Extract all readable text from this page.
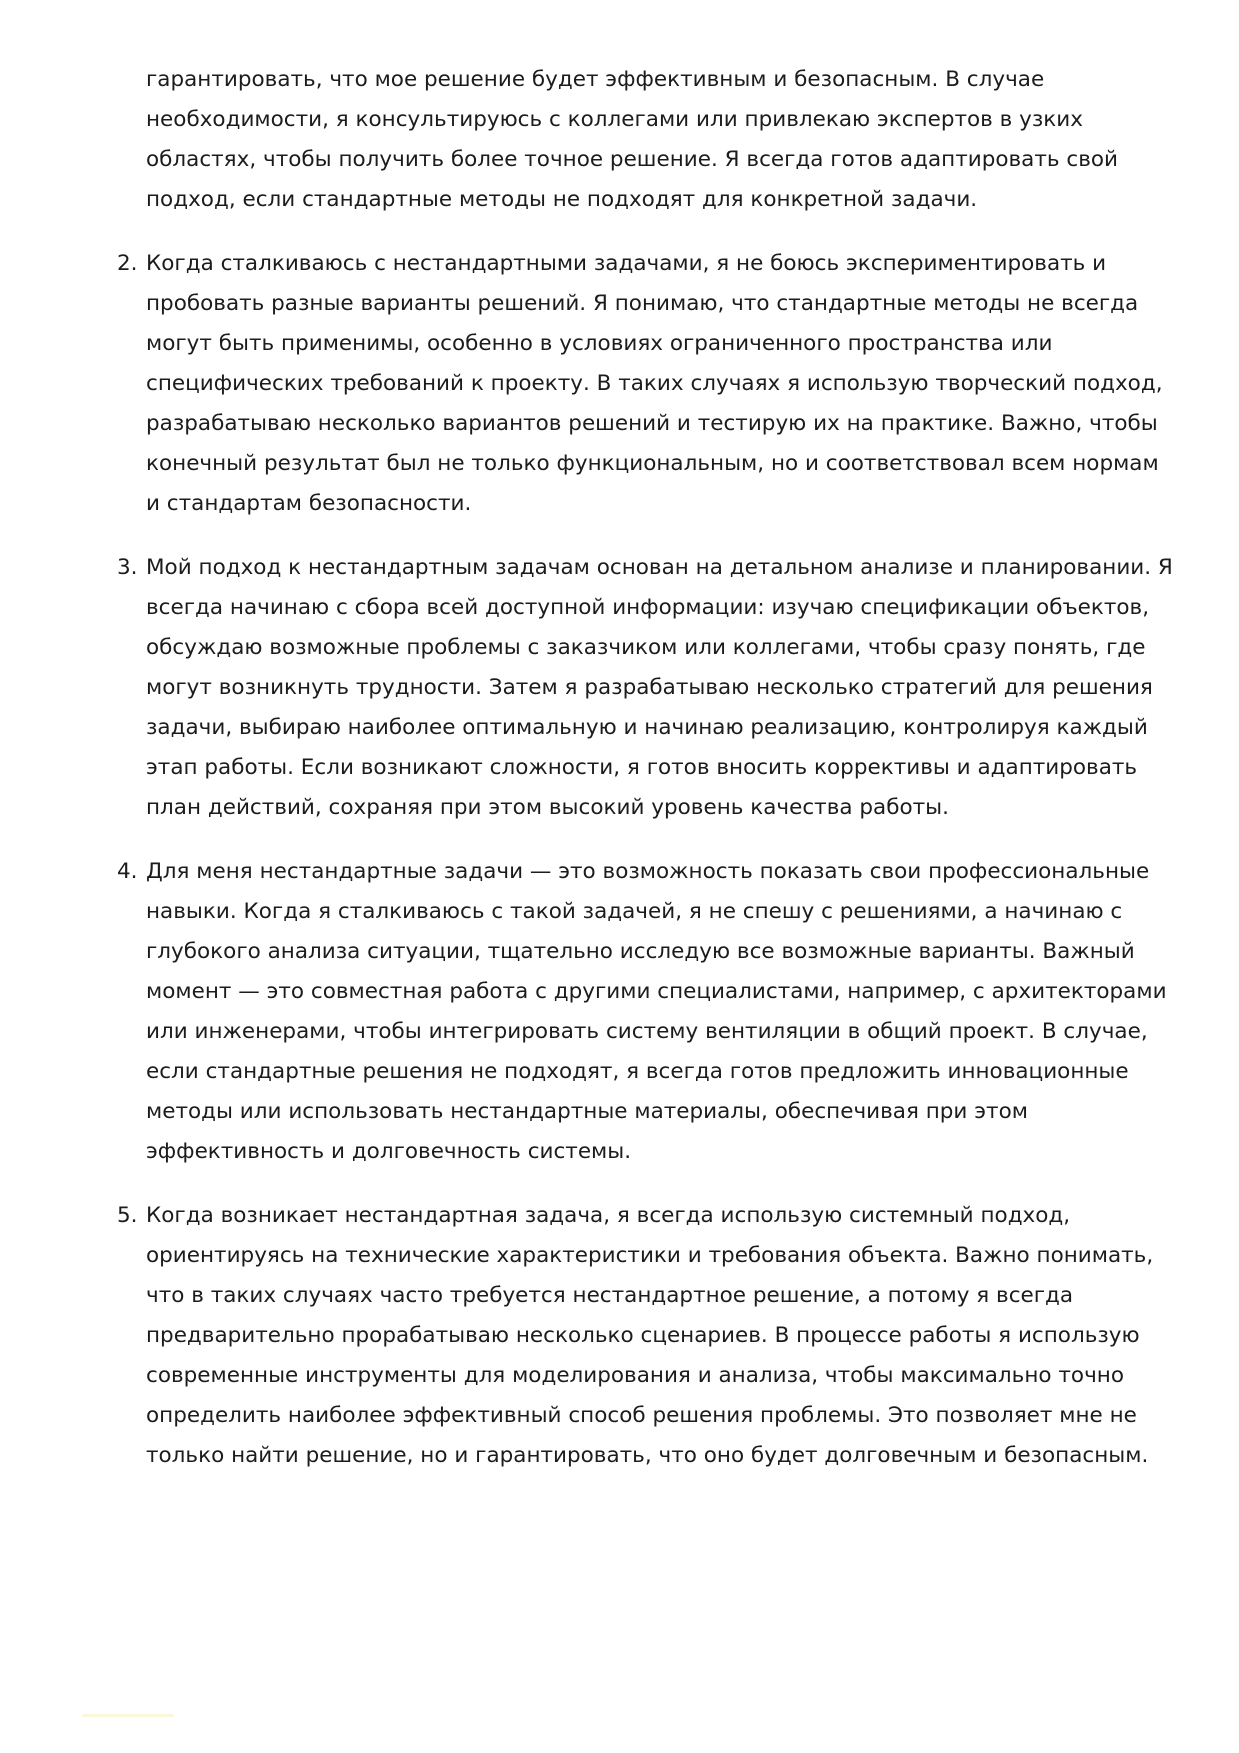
гарантировать, что мое решение будет эффективным и безопасным. В случае необходимости, я консультируюсь с коллегами или привлекаю экспертов в узких областях, чтобы получить более точное решение. Я всегда готов адаптировать свой подход, если стандартные методы не подходят для конкретной задачи.

2. Когда сталкиваюсь с нестандартными задачами, я не боюсь экспериментировать и пробовать разные варианты решений. Я понимаю, что стандартные методы не всегда могут быть применимы, особенно в условиях ограниченного пространства или специфических требований к проекту. В таких случаях я использую творческий подход, разрабатываю несколько вариантов решений и тестирую их на практике. Важно, чтобы конечный результат был не только функциональным, но и соответствовал всем нормам и стандартам безопасности.
3. Мой подход к нестандартным задачам основан на детальном анализе и планировании. Я всегда начинаю с сбора всей доступной информации: изучаю спецификации объектов, обсуждаю возможные проблемы с заказчиком или коллегами, чтобы сразу понять, где могут возникнуть трудности. Затем я разрабатываю несколько стратегий для решения задачи, выбираю наиболее оптимальную и начинаю реализацию, контролируя каждый этап работы. Если возникают сложности, я готов вносить коррективы и адаптировать план действий, сохраняя при этом высокий уровень качества работы.
4. Для меня нестандартные задачи — это возможность показать свои профессиональные навыки. Когда я сталкиваюсь с такой задачей, я не спешу с решениями, а начинаю с глубокого анализа ситуации, тщательно исследую все возможные варианты. Важный момент — это совместная работа с другими специалистами, например, с архитекторами или инженерами, чтобы интегрировать систему вентиляции в общий проект. В случае, если стандартные решения не подходят, я всегда готов предложить инновационные методы или использовать нестандартные материалы, обеспечивая при этом эффективность и долговечность системы.
5. Когда возникает нестандартная задача, я всегда использую системный подход, ориентируясь на технические характеристики и требования объекта. Важно понимать, что в таких случаях часто требуется нестандартное решение, а потому я всегда предварительно прорабатываю несколько сценариев. В процессе работы я использую современные инструменты для моделирования и анализа, чтобы максимально точно определить наиболее эффективный способ решения проблемы. Это позволяет мне не только найти решение, но и гарантировать, что оно будет долговечным и безопасным.
